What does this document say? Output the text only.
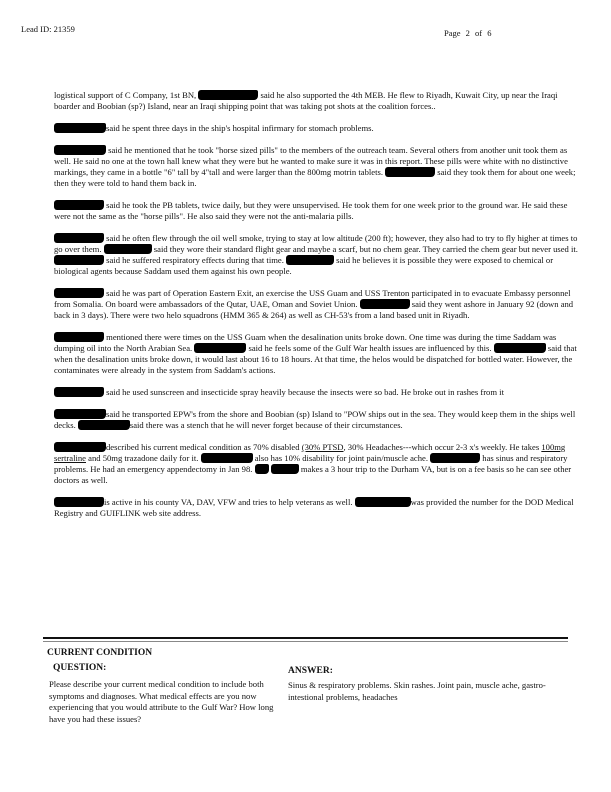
Lead ID: 21359	Page 2 of 6

logistical support of C Company, 1st BN,	said he also supported the 4th MEB. He flew to Riyadh, Kuwait City, up near the Iraqi boarder and Boobian (sp?) Island, near an Iraqi shipping point that was taking pot shots at the coalition forces..

said he spent three days in the ship's hospital infirmary for stomach problems.

said he mentioned that he took "horse sized pills" to the members of the outreach team. Several others from another unit took them as well. He said no one at the town hall knew what they were but he wanted to make sure it was in this report. These pills were white with no distinctive markings, they came in a bottle "6" tall by 4"tall and were larger than the 800mg motrin tablets.	said they took them for about one week; then they were told to hand them back in.

said he took the PB tablets, twice daily, but they were unsupervised. He took them for one week prior to the ground war. He said these were not the same as the "horse pills". He also said they were not the anti-malaria pills.

said he often flew through the oil well smoke, trying to stay at low altitude (200 ft); however, they also had to try to fly higher at times to go over them.	said they wore their standard flight gear and maybe a scarf, but no chem gear. They carried the chem gear but never used it.  said he suffered respiratory effects during that time.	said he believes it is possible they were exposed to chemical or biological agents because Saddam used them against his own people.

said he was part of Operation Eastern Exit, an exercise the USS Guam and USS Trenton participated in to evacuate Embassy personnel from Somalia. On board were ambassadors of the Qutar, UAE, Oman and Soviet Union.	said they went ashore in January 92 (down and back in 3 days). There were two helo squadrons (HMM 365 & 264) as well as CH-53's from a land based unit in Riyadh.

mentioned there were times on the USS Guam when the desalination units broke down. One time was during the time Saddam was dumping oil into the North Arabian Sea.	said he feels some of the Gulf War health issues are influenced by this.	said that when the desalination units broke down, it would last about 16 to 18 hours. At that time, the helos would be dispatched for bottled water. However, the contaminates were already in the system from Saddam's actions.

said he used sunscreen and insecticide spray heavily because the insects were so bad. He broke out in rashes from it

said he transported EPW's from the shore and Boobian (sp) Island to "POW ships out in the sea. They would keep them in the ships well decks.	said there was a stench that he will never forget because of their circumstances.

described his current medical condition as 70% disabled (30% PTSD, 30% Headaches---which occur 2-3 x's weekly. He takes 100mg sertraline and 50mg trazadone daily for it.	also has 10% disability for joint pain/muscle ache.	has sinus and respiratory problems. He had an emergency appendectomy in Jan 98.	makes a 3 hour trip to the Durham VA, but is on a fee basis so he can see other doctors as well.

is active in his county VA, DAV, VFW and tries to help veterans as well.	was provided the number for the DOD Medical Registry and GUIFLINK web site address.

CURRENT CONDITION
QUESTION:	ANSWER:
Please describe your current medical condition to include both symptoms and diagnoses. What medical effects are you now experiencing that you would attribute to the Gulf War? How long have you had these issues?
Sinus & respiratory problems. Skin rashes. Joint pain, muscle ache, gastro-intestional problems, headaches
